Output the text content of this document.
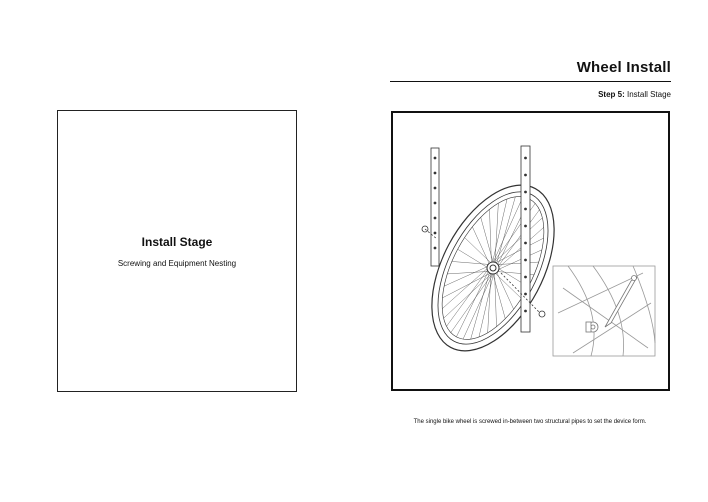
Install Stage
Screwing and Equipment Nesting
Wheel Install
Step 5: Install Stage
The single bike wheel is screwed in-between two structural pipes to set the device form.
